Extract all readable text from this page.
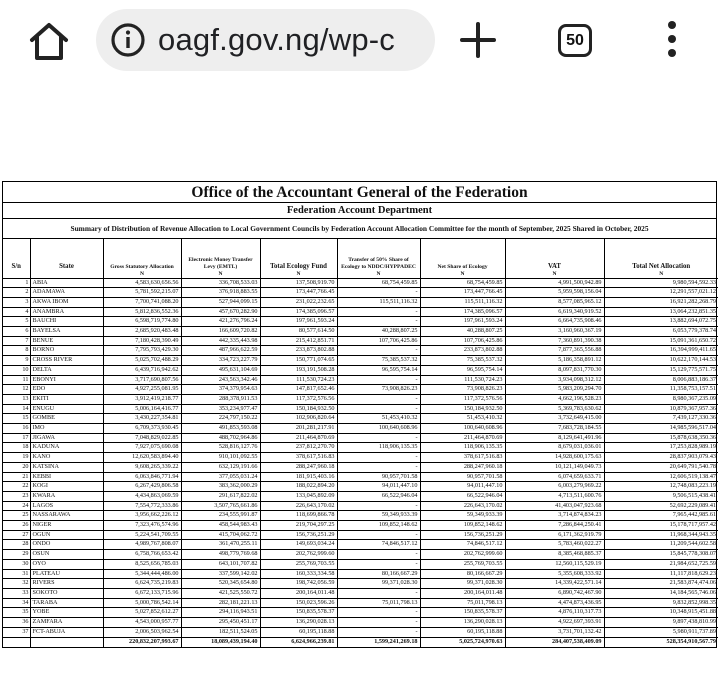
oagf.gov.ng/wp-c	50
Office of the Accountant General of the Federation
Federation Account Department
Summary of Distribution of Revenue Allocation to Local Government Councils by Federation Account Allocation Committee for the month of September, 2025 Shared in October, 2025
S/n	State	Gross Statutory Allocation	Electronic Money Transfer Levy (EMTL)	Total Ecology Fund	Transfer of 50% Share of Ecology to NDDC/HYPPADEC	Net Share of Ecology	VAT	Total Net Allocation
		N	N	N	N	N	N	N
1	ABIA	4,583,630,656.56	336,708,533.03	137,508,919.70	68,754,459.85	68,754,459.85	4,991,500,942.89	9,980,594,592.33
2	ADAMAWA	5,781,592,215.07	376,918,883.55	173,447,766.45	-	173,447,766.45	5,959,598,156.04	12,291,557,021.12
3	AKWA IBOM	7,700,741,088.20	527,944,099.15	231,022,232.65	115,511,116.32	115,511,116.32	8,577,085,965.12	16,921,282,268.79
4	ANAMBRA	5,812,836,552.36	457,670,282.90	174,385,096.57	-	174,385,096.57	6,619,340,919.52	13,064,232,851.35
5	BAUCHI	6,598,719,774.80	421,276,796.24	197,961,593.24	-	197,961,593.24	6,664,735,908.46	13,882,694,072.75
6	BAYELSA	2,685,920,483.48	166,609,720.82	80,577,614.50	40,288,807.25	40,288,807.25	3,160,960,367.19	6,053,779,378.74
7	BENUE	7,180,428,390.49	442,335,443.98	215,412,851.71	107,706,425.86	107,706,425.86	7,360,891,390.38	15,091,361,650.72
8	BORNO	7,795,793,429.30	487,966,622.59	233,873,802.88	-	233,873,802.88	7,877,365,556.88	16,394,999,411.65
9	CROSS RIVER	5,025,702,488.29	334,723,227.79	150,771,074.65	75,385,537.32	75,385,537.32	5,186,358,891.12	10,622,170,144.53
10	DELTA	6,439,716,942.62	495,631,104.69	193,191,508.28	96,595,754.14	96,595,754.14	8,097,831,770.30	15,129,775,571.75
11	EBONYI	3,717,690,807.56	243,563,342.46	111,530,724.23	-	111,530,724.23	3,934,098,312.12	8,006,883,186.37
12	EDO	4,927,255,081.95	374,379,954.63	147,817,652.46	73,908,826.23	73,908,826.23	5,983,209,294.70	11,358,753,157.51
13	EKITI	3,912,419,218.77	288,378,911.53	117,372,576.56	-	117,372,576.56	4,662,196,528.23	8,980,367,235.09
14	ENUGU	5,006,164,416.77	353,234,977.47	150,184,932.50	-	150,184,932.50	5,369,783,630.62	10,879,367,957.36
15	GOMBE	3,430,227,354.81	224,797,150.22	102,906,820.64	51,453,410.32	51,453,410.32	3,732,649,415.00	7,439,127,330.36
16	IMO	6,709,373,930.45	491,853,593.08	201,281,217.91	100,640,608.96	100,640,608.96	7,683,728,184.55	14,985,596,517.04
17	JIGAWA	7,048,829,022.85	488,702,964.86	211,464,870.69	-	211,464,870.69	8,129,641,491.96	15,878,638,350.36
18	KADUNA	7,927,075,690.08	528,816,127.76	237,812,270.70	118,906,135.35	118,906,135.35	8,679,031,036.01	17,253,828,989.19
19	KANO	12,620,583,894.40	910,101,092.55	378,617,516.83	-	378,617,516.83	14,928,600,175.63	28,837,903,079.43
20	KATSINA	9,608,265,339.22	632,129,191.66	288,247,960.18	-	288,247,960.18	10,121,149,049.73	20,649,791,540.78
21	KEBBI	6,063,846,771.94	377,055,031.24	181,915,403.16	90,957,701.58	90,957,701.58	6,074,659,633.71	12,606,519,138.47
22	KOGI	6,267,429,806.58	383,362,000.29	188,022,894.20	94,011,447.10	94,011,447.10	6,003,279,969.22	12,748,083,223.19
23	KWARA	4,434,863,069.59	291,617,822.02	133,045,892.09	66,522,946.04	66,522,946.04	4,713,511,600.76	9,506,515,438.41
24	LAGOS	7,554,772,333.86	3,507,765,661.86	226,643,170.02	-	226,643,170.02	41,403,047,923.68	52,692,229,089.41
25	NASSARAWA	3,956,662,226.12	234,555,991.87	118,699,866.78	59,349,933.39	59,349,933.39	3,714,874,834.23	7,965,442,985.61
26	NIGER	7,323,476,574.96	458,544,983.43	219,704,297.25	109,852,148.62	109,852,148.62	7,286,844,250.41	15,178,717,957.42
27	OGUN	5,224,541,709.55	415,704,062.72	156,736,251.29	-	156,736,251.29	6,171,362,919.79	11,968,344,943.35
28	ONDO	4,989,767,808.07	361,470,255.11	149,693,034.24	74,846,517.12	74,846,517.12	5,783,460,022.27	11,209,544,602.58
29	OSUN	6,758,766,653.42	498,779,769.68	202,762,999.60	-	202,762,999.60	8,385,468,885.37	15,845,778,308.07
30	OYO	8,525,656,785.03	643,101,707.82	255,769,703.55	-	255,769,703.55	12,560,115,529.19	21,984,652,725.59
31	PLATEAU	5,344,444,486.00	337,599,142.02	160,333,334.58	80,166,667.29	80,166,667.29	5,355,608,333.92	11,117,818,629.23
32	RIVERS	6,624,735,219.83	520,345,654.80	198,742,056.59	99,371,028.30	99,371,028.30	14,339,422,571.14	21,583,874,474.06
33	SOKOTO	6,672,133,715.96	421,525,550.72	200,164,011.48	-	200,164,011.48	6,890,742,467.90	14,184,565,746.06
34	TARABA	5,000,786,542.14	282,181,221.13	150,023,596.26	75,011,798.13	75,011,798.13	4,474,873,436.95	9,832,852,998.35
35	YOBE	5,027,852,612.27	294,116,943.51	150,835,578.37	-	150,835,578.37	4,876,110,317.73	10,348,915,451.88
36	ZAMFARA	4,543,000,957.77	295,450,451.17	136,290,028.13	-	136,290,028.13	4,922,697,393.91	9,897,438,810.99
37	FCT-ABUJA	2,006,503,962.54	182,511,524.05	60,195,118.88	-	60,195,118.88	3,731,701,132.42	5,980,911,737.89
		220,832,207,993.67	18,089,439,194.40	6,624,966,239.81	1,599,241,269.18	5,025,724,970.63	284,407,538,409.09	528,354,910,567.79
